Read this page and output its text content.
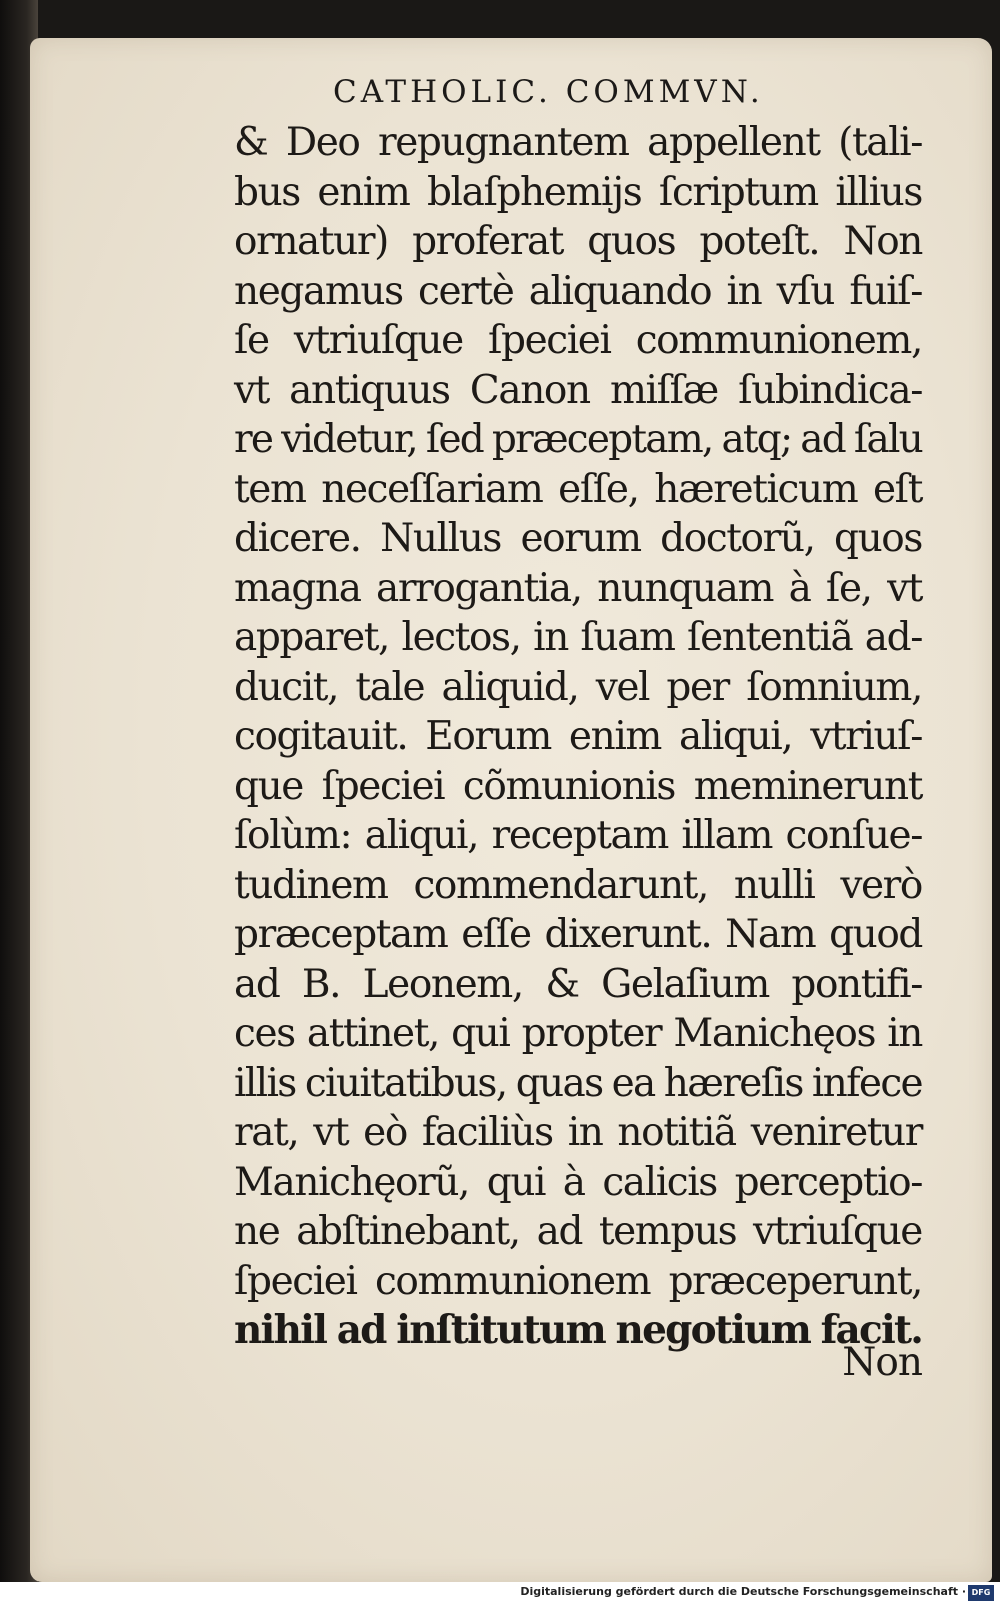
CATHOLIC. COMMVN.
& Deo repugnantem appellent (tali-
bus enim blaſphemijs ſcriptum illius
ornatur) proferat quos poteſt. Non
negamus certè aliquando in vſu fuiſ-
ſe vtriuſque ſpeciei communionem,
vt antiquus Canon miſſæ ſubindica-
re videtur, ſed præceptam, atq; ad ſalu
tem neceſſariam eſſe, hæreticum eſt
dicere. Nullus eorum doctorũ, quos
magna arrogantia, nunquam à ſe, vt
apparet, lectos, in ſuam ſententiã ad-
ducit, tale aliquid, vel per ſomnium,
cogitauit. Eorum enim aliqui, vtriuſ-
que ſpeciei cõmunionis meminerunt
ſolùm: aliqui, receptam illam conſue-
tudinem commendarunt, nulli verò
præceptam eſſe dixerunt. Nam quod
ad B. Leonem, & Gelaſium pontifi-
ces attinet, qui propter Manichęos in
illis ciuitatibus, quas ea hæreſis infece
rat, vt eò faciliùs in notitiã veniretur
Manichęorũ, qui à calicis perceptio-
ne abſtinebant, ad tempus vtriuſque
ſpeciei communionem præceperunt,
nihil ad inſtitutum negotium facit.
Non
Digitalisierung gefördert durch die Deutsche Forschungsgemeinschaft · DFG
